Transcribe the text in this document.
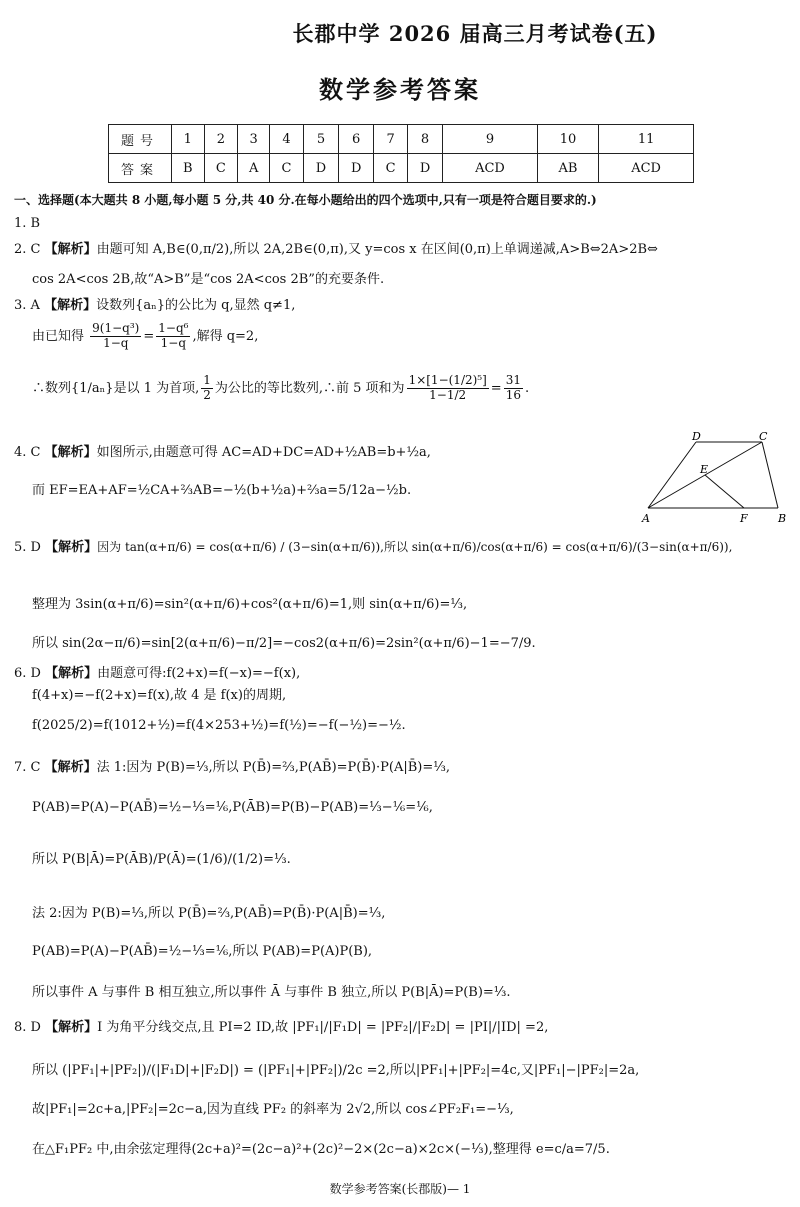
长郡中学 2026 届高三月考试卷(五)
数学参考答案
题号	1	2	3	4	5	6	7	8	9	10	11
答案	B	C	A	C	D	D	C	D	ACD	AB	ACD
一、选择题(本大题共 8 小题,每小题 5 分,共 40 分.在每小题给出的四个选项中,只有一项是符合题目要求的.)
1. B
2. C 【解析】由题可知 A,B∈(0,π/2),所以 2A,2B∈(0,π),又 y=cos x 在区间(0,π)上单调递减,A>B⇔2A>2B⇔
cos 2A<cos 2B,故“A>B”是“cos 2A<cos 2B”的充要条件.
3. A 【解析】设数列{aₙ}的公比为 q,显然 q≠1,
由已知得 $\frac{\text{9(1−q³)}}{1-q} = \frac{\text{1−q⁶}}{1-q}$ ,解得 q=2,
∴数列{1/aₙ}是以 1 为首项, $\frac{1}{2}$ 为公比的等比数列,∴前 5 项和为 $\frac{\text{1×[1−(1/2)⁵]}}{1-1/2} = \frac{31}{16}$ .
4. C 【解析】如图所示,由题意可得 AC=AD+DC=AD+½AB=b+½a,
而 EF=EA+AF=½CA+⅔AB=−½(b+½a)+⅔a=5/12a−½b.
D	C
E
A	F	B
5. D 【解析】因为 tan(α+π/6) = cos(α+π/6) / (3−sin(α+π/6)),所以 sin(α+π/6)/cos(α+π/6) = cos(α+π/6)/(3−sin(α+π/6)),
整理为 3sin(α+π/6)=sin²(α+π/6)+cos²(α+π/6)=1,则 sin(α+π/6)=⅓,
所以 sin(2α−π/6)=sin[2(α+π/6)−π/2]=−cos2(α+π/6)=2sin²(α+π/6)−1=−7/9.
6. D 【解析】由题意可得:f(2+x)=f(−x)=−f(x),
f(4+x)=−f(2+x)=f(x),故 4 是 f(x)的周期,
f(2025/2)=f(1012+½)=f(4×253+½)=f(½)=−f(−½)=−½.
7. C 【解析】法 1:因为 P(B)=⅓,所以 P(B̄)=⅔,P(AB̄)=P(B̄)·P(A|B̄)=⅓,
P(AB)=P(A)−P(AB̄)=½−⅓=⅙,P(ĀB)=P(B)−P(AB)=⅓−⅙=⅙,
所以 P(B|Ā)=P(ĀB)/P(Ā)=(1/6)/(1/2)=⅓.
法 2:因为 P(B)=⅓,所以 P(B̄)=⅔,P(AB̄)=P(B̄)·P(A|B̄)=⅓,
P(AB)=P(A)−P(AB̄)=½−⅓=⅙,所以 P(AB)=P(A)P(B),
所以事件 A 与事件 B 相互独立,所以事件 Ā 与事件 B 独立,所以 P(B|Ā)=P(B)=⅓.
8. D 【解析】I 为角平分线交点,且 PI=2 ID,故 |PF₁|/|F₁D| = |PF₂|/|F₂D| = |PI|/|ID| =2,
所以 (|PF₁|+|PF₂|)/(|F₁D|+|F₂D|) = (|PF₁|+|PF₂|)/2c =2,所以|PF₁|+|PF₂|=4c,又|PF₁|−|PF₂|=2a,
故|PF₁|=2c+a,|PF₂|=2c−a,因为直线 PF₂ 的斜率为 2√2,所以 cos∠PF₂F₁=−⅓,
在△F₁PF₂ 中,由余弦定理得(2c+a)²=(2c−a)²+(2c)²−2×(2c−a)×2c×(−⅓),整理得 e=c/a=7/5.
数学参考答案(长郡版)— 1
